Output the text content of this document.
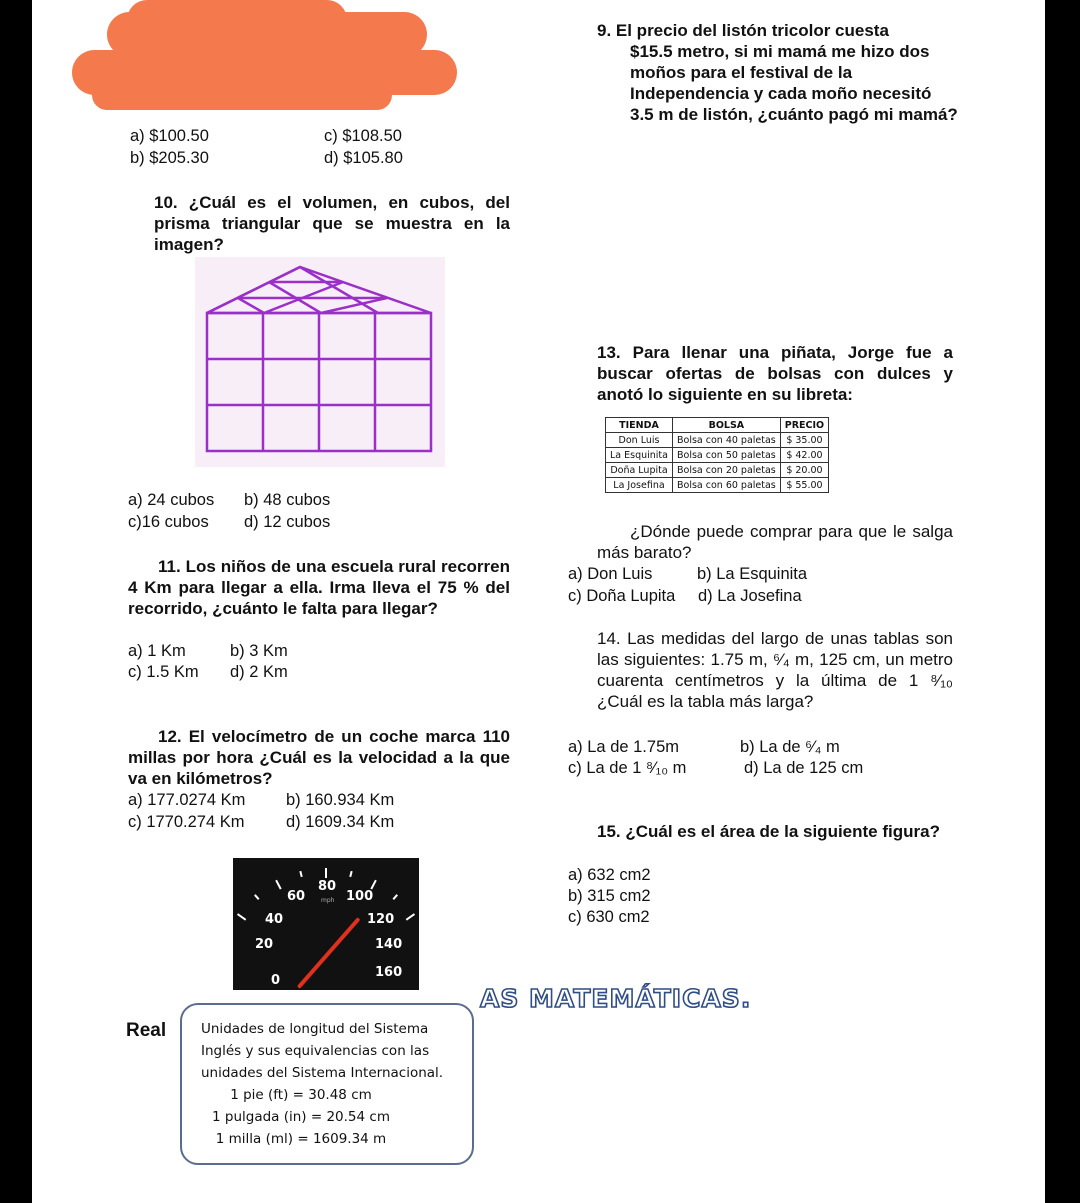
9. El precio del listón tricolor cuesta
$15.5 metro, si mi mamá me hizo dos
moños para el festival de la
Independencia y cada moño necesitó
3.5 m de listón, ¿cuánto pagó mi mamá?
a) $100.50	c) $108.50
b) $205.30	d) $105.80
10. ¿Cuál es el volumen, en cubos, del prisma triangular que se muestra en la imagen?
a) 24 cubos b) 48 cubos
c)16 cubos d) 12 cubos
11. Los niños de una escuela rural recorren 4 Km para llegar a ella. Irma lleva el 75 % del recorrido, ¿cuánto le falta para llegar?
a) 1 Km	b) 3 Km
c) 1.5 Km d) 2 Km
12. El velocímetro de un coche marca 110 millas por hora ¿Cuál es la velocidad a la que va en kilómetros?
a) 177.0274 Km b) 160.934 Km
c) 1770.274 Km	d) 1609.34 Km
0
20
40
60
80
100
120
140
160
mph
13. Para llenar una piñata, Jorge fue a buscar ofertas de bolsas con dulces y anotó lo siguiente en su libreta:
TIENDA	BOLSA	PRECIO
Don Luis	Bolsa con 40 paletas	$ 35.00
La Esquinita	Bolsa con 50 paletas	$ 42.00
Doña Lupita	Bolsa con 20 paletas	$ 20.00
La Josefina	Bolsa con 60 paletas	$ 55.00
¿Dónde puede comprar para que le salga más barato?
a) Don Luis	b) La Esquinita
c) Doña Lupita d) La Josefina
14. Las medidas del largo de unas tablas son las siguientes: 1.75 m, ⁶⁄₄ m, 125 cm, un metro cuarenta centímetros y la última de 1 ⁸⁄₁₀ ¿Cuál es la tabla más larga?
a) La de 1.75m	b) La de ⁶⁄₄ m
c) La de 1 ⁸⁄₁₀ m	d) La de 125 cm
15. ¿Cuál es el área de la siguiente figura?
a) 632 cm2
b) 315 cm2
c) 630 cm2
AS MATEMÁTICAS.
Real	Unidades de longitud del Sistema
Inglés y sus equivalencias con las
unidades del Sistema Internacional.
1 pie (ft) = 30.48 cm
1 pulgada (in) = 20.54 cm
1 milla (ml) = 1609.34 m
